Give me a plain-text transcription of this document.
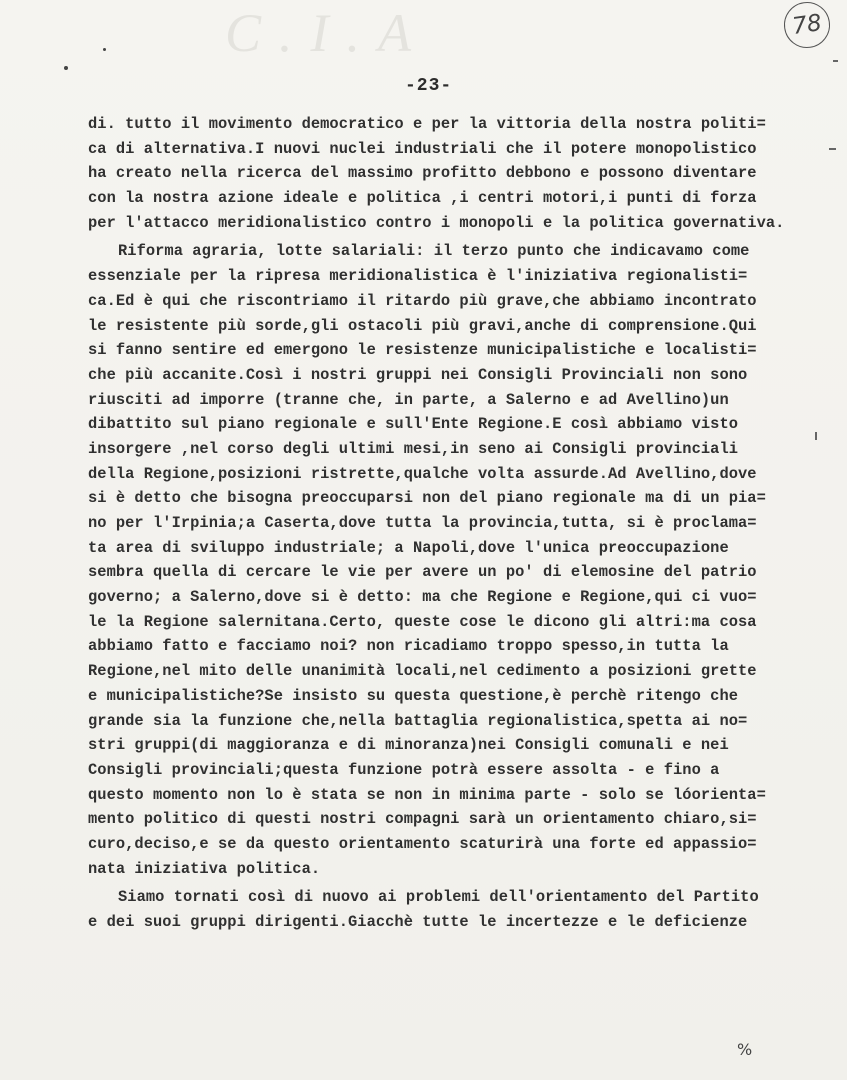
C.I.A	78
-23-
di. tutto il movimento democratico e per la vittoria della nostra politi=
ca di alternativa.I nuovi nuclei industriali che il potere monopolistico
ha creato nella ricerca del massimo profitto debbono e possono diventare
con la nostra azione ideale e politica ,i centri motori,i punti di forza
per l'attacco meridionalistico contro i monopoli e la politica governativa.
Riforma agraria, lotte salariali: il terzo punto che indicavamo come
essenziale per la ripresa meridionalistica è l'iniziativa regionalisti=
ca.Ed è qui che riscontriamo il ritardo più grave,che abbiamo incontrato
le resistente più sorde,gli ostacoli più gravi,anche di comprensione.Qui
si fanno sentire ed emergono le resistenze municipalistiche e localisti=
che più accanite.Così i nostri gruppi nei Consigli Provinciali non sono
riusciti ad imporre (tranne che, in parte, a Salerno e ad Avellino)un
dibattito sul piano regionale e sull'Ente Regione.E così abbiamo visto
insorgere ,nel corso degli ultimi mesi,in seno ai Consigli provinciali
della Regione,posizioni ristrette,qualche volta assurde.Ad Avellino,dove
si è detto che bisogna preoccuparsi non del piano regionale ma di un pia=
no per l'Irpinia;a Caserta,dove tutta la provincia,tutta, si è proclama=
ta area di sviluppo industriale; a Napoli,dove l'unica preoccupazione
sembra quella di cercare le vie per avere un po' di elemosine del patrio
governo; a Salerno,dove si è detto: ma che Regione e Regione,qui ci vuo=
le la Regione salernitana.Certo, queste cose le dicono gli altri:ma cosa
abbiamo fatto e facciamo noi? non ricadiamo troppo spesso,in tutta la
Regione,nel mito delle unanimità locali,nel cedimento a posizioni grette
e municipalistiche?Se insisto su questa questione,è perchè ritengo che
grande sia la funzione che,nella battaglia regionalistica,spetta ai no=
stri gruppi(di maggioranza e di minoranza)nei Consigli comunali e nei
Consigli provinciali;questa funzione potrà essere assolta - e fino a
questo momento non lo è stata se non in minima parte - solo se lóorienta=
mento politico di questi nostri compagni sarà un orientamento chiaro,si=
curo,deciso,e se da questo orientamento scaturirà una forte ed appassio=
nata iniziativa politica.
Siamo tornati così di nuovo ai problemi dell'orientamento del Partito
e dei suoi gruppi dirigenti.Giacchè tutte le incertezze e le deficienze
%
